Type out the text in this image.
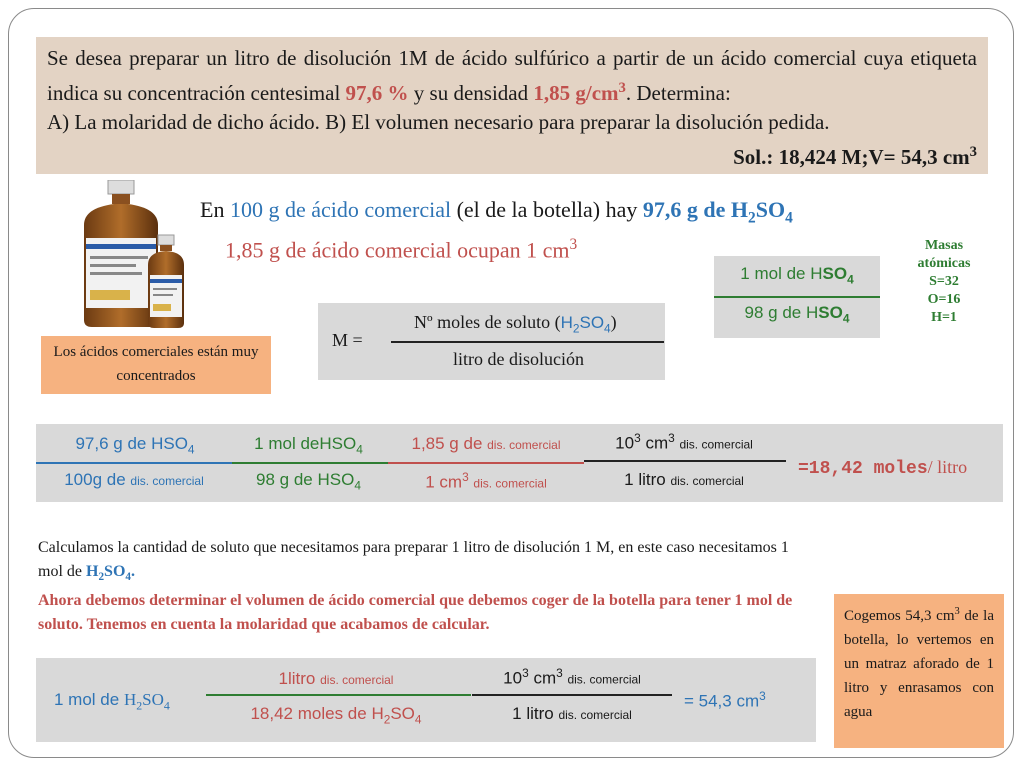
Se desea preparar un litro de disolución 1M de ácido sulfúrico a partir de un ácido comercial cuya etiqueta indica su concentración centesimal 97,6 % y su densidad 1,85 $g/cm^3$. Determina:
A) La molaridad de dicho ácido. B) El volumen necesario para preparar la disolución pedida.
Sol.: 18,424 M;V= 54,3 $cm^3$
Los ácidos comerciales están muy concentrados
En 100 g de ácido comercial (el de la botella) hay 97,6 g de $H_2SO_4$
1,85 g de ácido comercial ocupan 1 $cm^3$
1 mol de $HSO_4$
98 g de $HSO_4$
Masas
atómicas
S=32
O=16
H=1
M =
Nº moles de soluto $(H_2SO_4)$
litro de disolución
97,6 g de $HSO_4$
100g de dis. comercial
1 mol deHSO$_4$
98 g de $HSO_4$
1,85 g de dis. comercial
1 $cm^3$ dis. comercial
$10^3$ $cm^3$ dis. comercial
1 litro dis. comercial
=18,42 moles/ litro
Calculamos la cantidad de soluto que necesitamos para preparar 1 litro de disolución 1 M, en este caso necesitamos 1 mol de $H_2SO_4$.
Ahora debemos determinar el volumen de ácido comercial que debemos coger de la botella para tener 1 mol de soluto. Tenemos en cuenta la molaridad que acabamos de calcular.
1 mol de $H_2SO_4$
1litro dis. comercial
18,42 moles de $H_2SO_4$
$10^3$ $cm^3$ dis. comercial
1 litro dis. comercial
= 54,3 $cm^3$
Cogemos 54,3 $cm^3$ de la botella, lo vertemos en un matraz aforado de 1 litro y enrasamos con agua
